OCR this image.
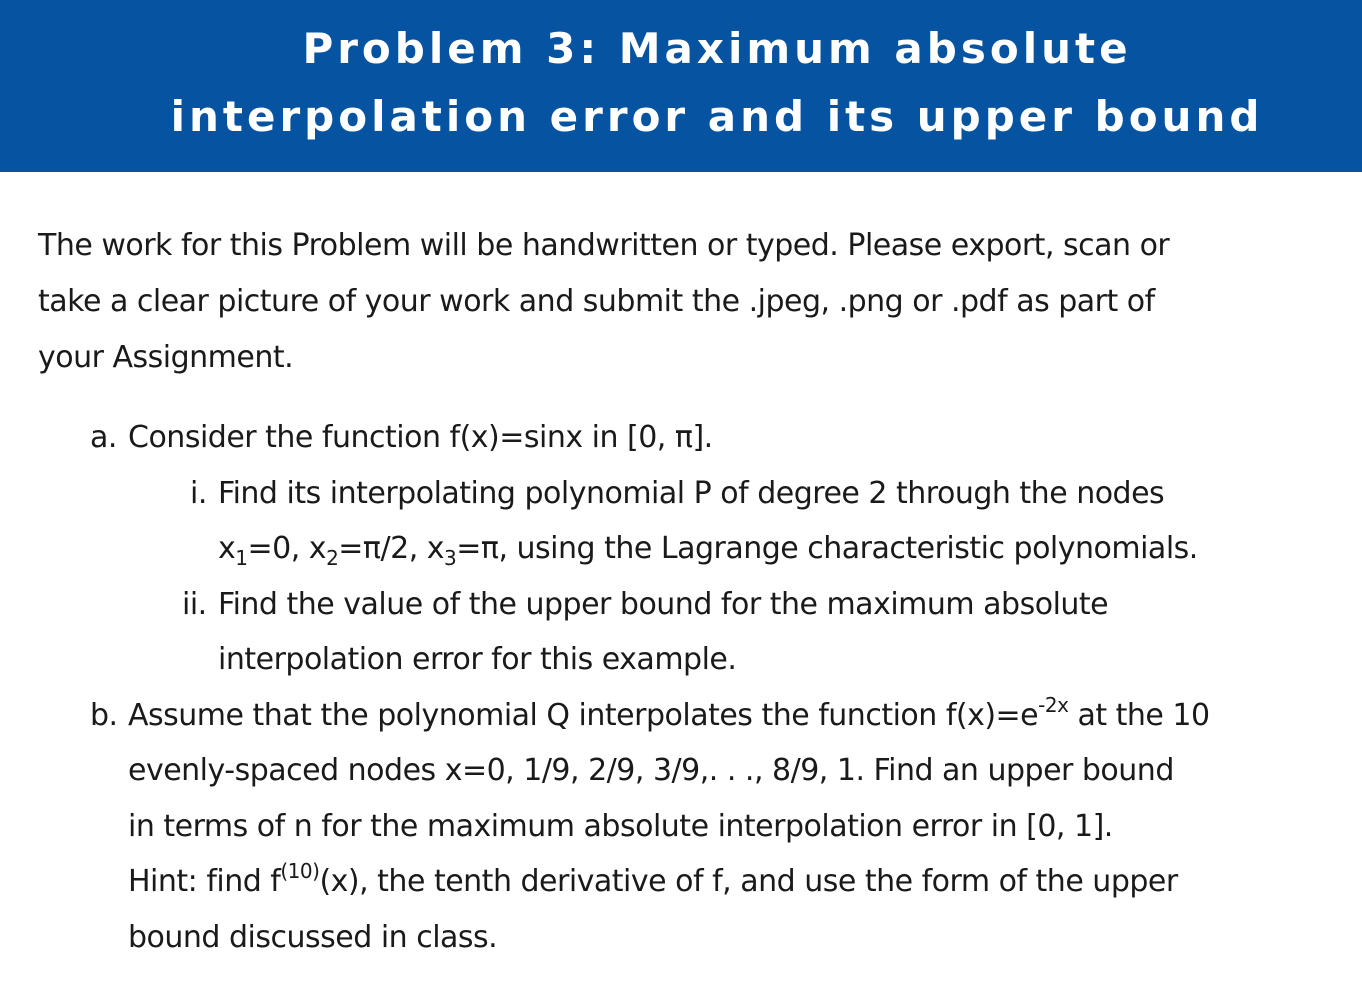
Problem 3: Maximum absolute
interpolation error and its upper bound
The work for this Problem will be handwritten or typed. Please export, scan or
take a clear picture of your work and submit the .jpeg, .png or .pdf as part of
your Assignment.
a. Consider the function f(x)=sinx in [0, π].
i. Find its interpolating polynomial P of degree 2 through the nodes
$x_1=0$, $x_2=\pi/2$, $x_3=\pi$, using the Lagrange characteristic polynomials.
ii. Find the value of the upper bound for the maximum absolute
interpolation error for this example.
b. Assume that the polynomial Q interpolates the function $f(x)=e^{-2x}$ at the 10
evenly-spaced nodes x=0, 1/9, 2/9, 3/9,. . ., 8/9, 1. Find an upper bound
in terms of n for the maximum absolute interpolation error in [0, 1].
Hint: find $f^{(10)}(x)$, the tenth derivative of f, and use the form of the upper
bound discussed in class.
